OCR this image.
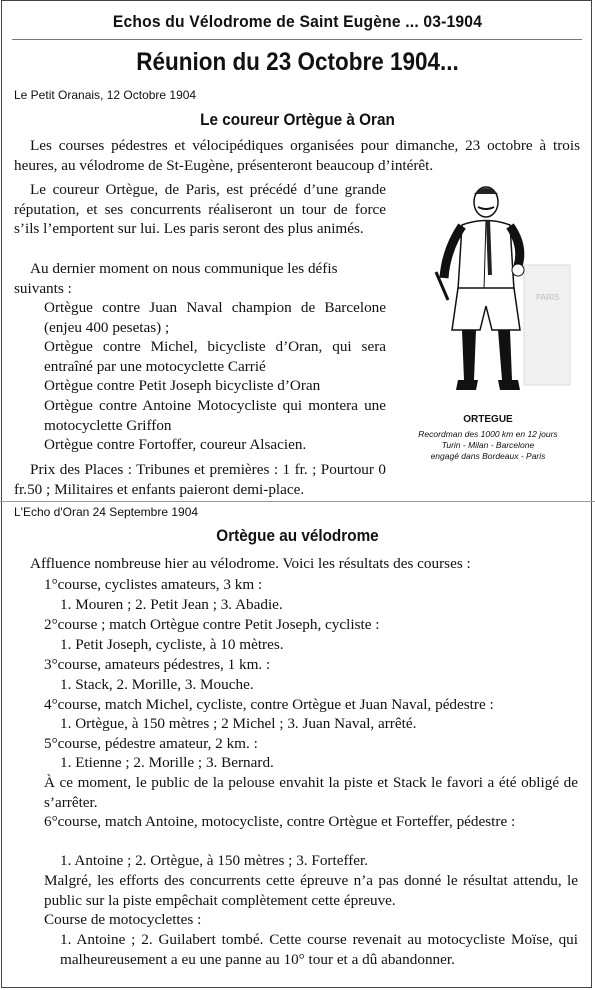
Echos du Vélodrome de Saint Eugène ... 03-1904
Réunion du 23 Octobre 1904...
Le Petit Oranais, 12 Octobre 1904
Le coureur Ortègue à Oran
Les courses pédestres et vélocipédiques organisées pour dimanche, 23 octobre à trois heures, au vélodrome de St-Eugène, présenteront beaucoup d’intérêt.
Le coureur Ortègue, de Paris, est précédé d’une grande réputation, et ses concurrents réaliseront un tour de force s’ils l’emportent sur lui. Les paris seront des plus animés.
Au dernier moment on nous communique les défis suivants :
Ortègue contre Juan Naval champion de Barcelone (enjeu 400 pesetas) ;
Ortègue contre Michel, bicycliste d’Oran, qui sera entraîné par une motocyclette Carrié
Ortègue contre Petit Joseph bicycliste d’Oran
Ortègue contre Antoine Motocycliste qui montera une motocyclette Griffon
Ortègue contre Fortoffer, coureur Alsacien.
Prix des Places : Tribunes et premières : 1 fr. ; Pourtour 0 fr.50 ; Militaires et enfants paieront demi-place.
PARIS
ORTEGUE
Recordman des 1000 km en 12 jours
Turin - Milan - Barcelone
engagé dans Bordeaux - Paris
L'Echo d'Oran 24 Septembre 1904
Ortègue au vélodrome
Affluence nombreuse hier au vélodrome. Voici les résultats des courses :
1°course, cyclistes amateurs, 3 km :
1. Mouren ; 2. Petit Jean ; 3. Abadie.
2°course ; match Ortègue contre Petit Joseph, cycliste :
1. Petit Joseph, cycliste, à 10 mètres.
3°course, amateurs pédestres, 1 km. :
1. Stack, 2. Morille, 3. Mouche.
4°course, match Michel, cycliste, contre Ortègue et Juan Naval, pédestre :
1. Ortègue, à 150 mètres ; 2 Michel ; 3. Juan Naval, arrêté.
5°course, pédestre amateur, 2 km. :
1. Etienne ; 2. Morille ; 3. Bernard.
À ce moment, le public de la pelouse envahit la piste et Stack le favori a été obligé de s’arrêter.
6°course, match Antoine, motocycliste, contre Ortègue et Forteffer, pédestre :
1. Antoine ; 2. Ortègue, à 150 mètres ; 3. Forteffer.
Malgré, les efforts des concurrents cette épreuve n’a pas donné le résultat attendu, le public sur la piste empêchait complètement cette épreuve.
Course de motocyclettes :
1. Antoine ; 2. Guilabert tombé. Cette course revenait au motocycliste Moïse, qui malheureusement a eu une panne au 10° tour et a dû abandonner.
